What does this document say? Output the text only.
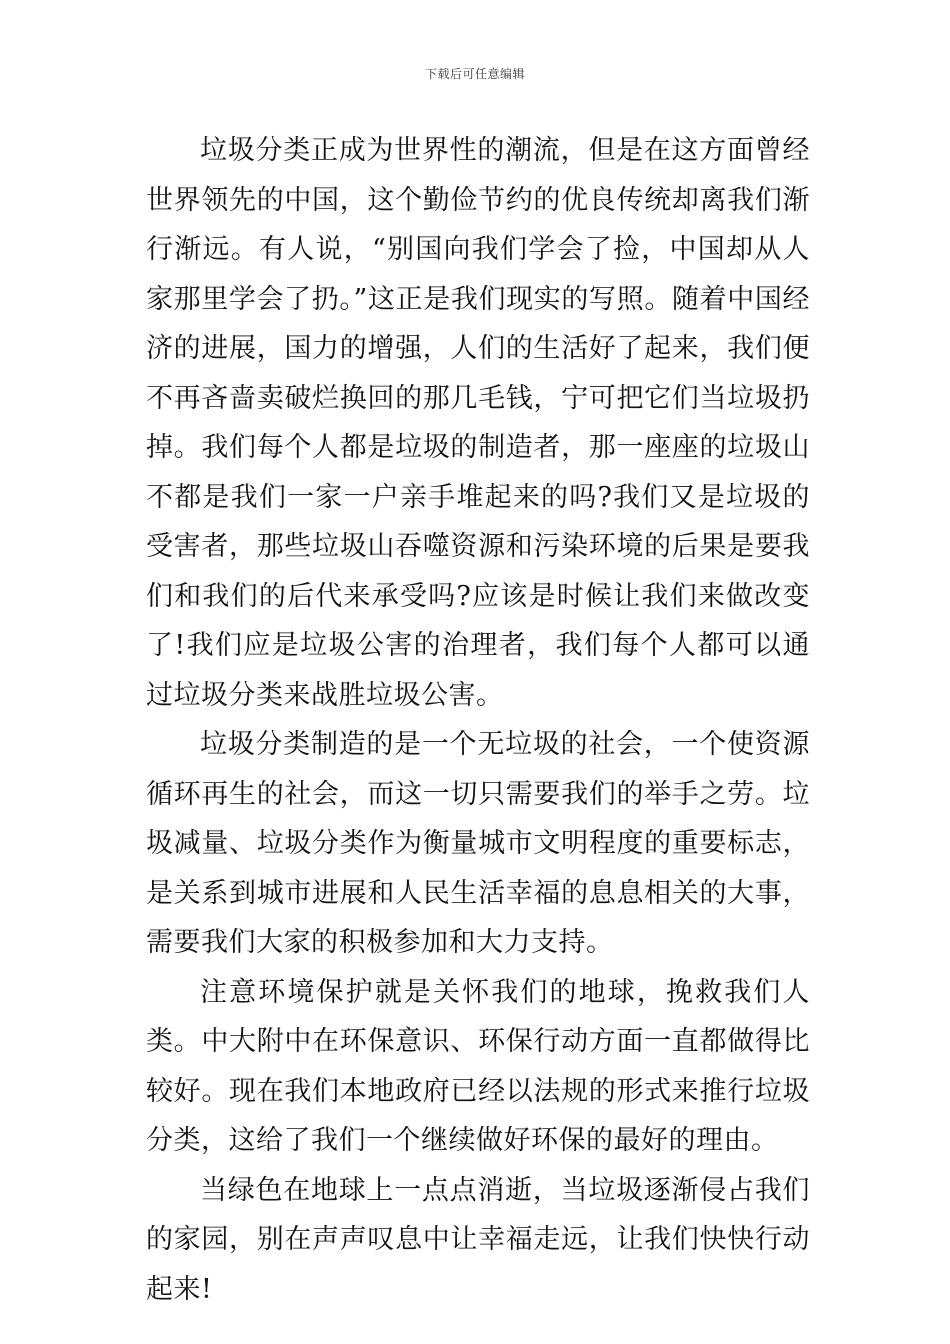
下载后可任意编辑

垃圾分类正成为世界性的潮流，但是在这方面曾经世界领先的中国，这个勤俭节约的优良传统却离我们渐行渐远。有人说，“别国向我们学会了捡，中国却从人家那里学会了扔。”这正是我们现实的写照。随着中国经济的进展，国力的增强，人们的生活好了起来，我们便不再吝啬卖破烂换回的那几毛钱，宁可把它们当垃圾扔掉。我们每个人都是垃圾的制造者，那一座座的垃圾山不都是我们一家一户亲手堆起来的吗?我们又是垃圾的受害者，那些垃圾山吞噬资源和污染环境的后果是要我们和我们的后代来承受吗?应该是时候让我们来做改变了!我们应是垃圾公害的治理者，我们每个人都可以通过垃圾分类来战胜垃圾公害。

垃圾分类制造的是一个无垃圾的社会，一个使资源循环再生的社会，而这一切只需要我们的举手之劳。垃圾减量、垃圾分类作为衡量城市文明程度的重要标志，是关系到城市进展和人民生活幸福的息息相关的大事，需要我们大家的积极参加和大力支持。

注意环境保护就是关怀我们的地球，挽救我们人类。中大附中在环保意识、环保行动方面一直都做得比较好。现在我们本地政府已经以法规的形式来推行垃圾分类，这给了我们一个继续做好环保的最好的理由。

当绿色在地球上一点点消逝，当垃圾逐渐侵占我们的家园，别在声声叹息中让幸福走远，让我们快快行动起来!
